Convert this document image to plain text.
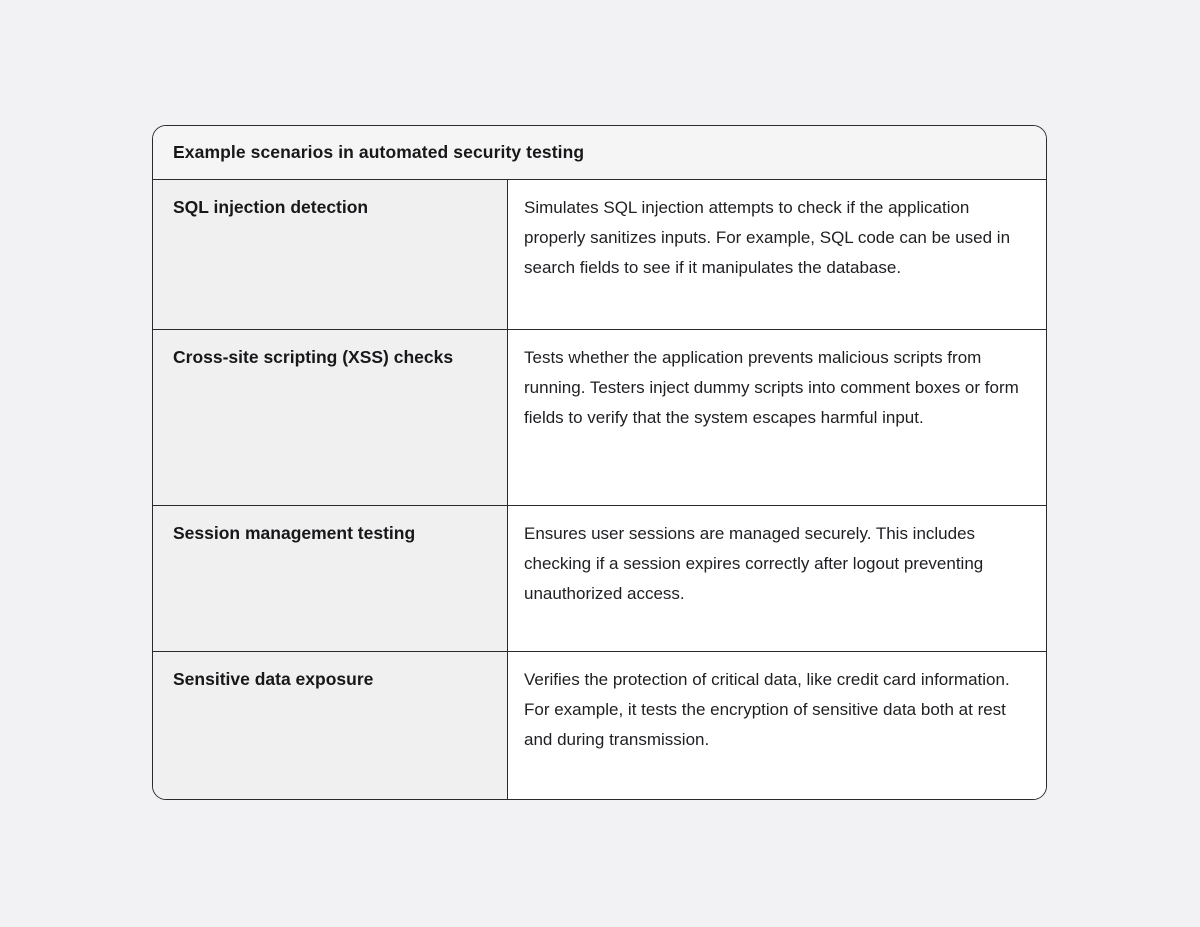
Example scenarios in automated security testing
SQL injection detection	Simulates SQL injection attempts to check if the application properly sanitizes inputs. For example, SQL code can be used in search fields to see if it manipulates the database.
Cross-site scripting (XSS) checks	Tests whether the application prevents malicious scripts from running. Testers inject dummy scripts into comment boxes or form fields to verify that the system escapes harmful input.
Session management testing	Ensures user sessions are managed securely. This includes checking if a session expires correctly after logout preventing unauthorized access.
Sensitive data exposure	Verifies the protection of critical data, like credit card information. For example, it tests the encryption of sensitive data both at rest and during transmission.
